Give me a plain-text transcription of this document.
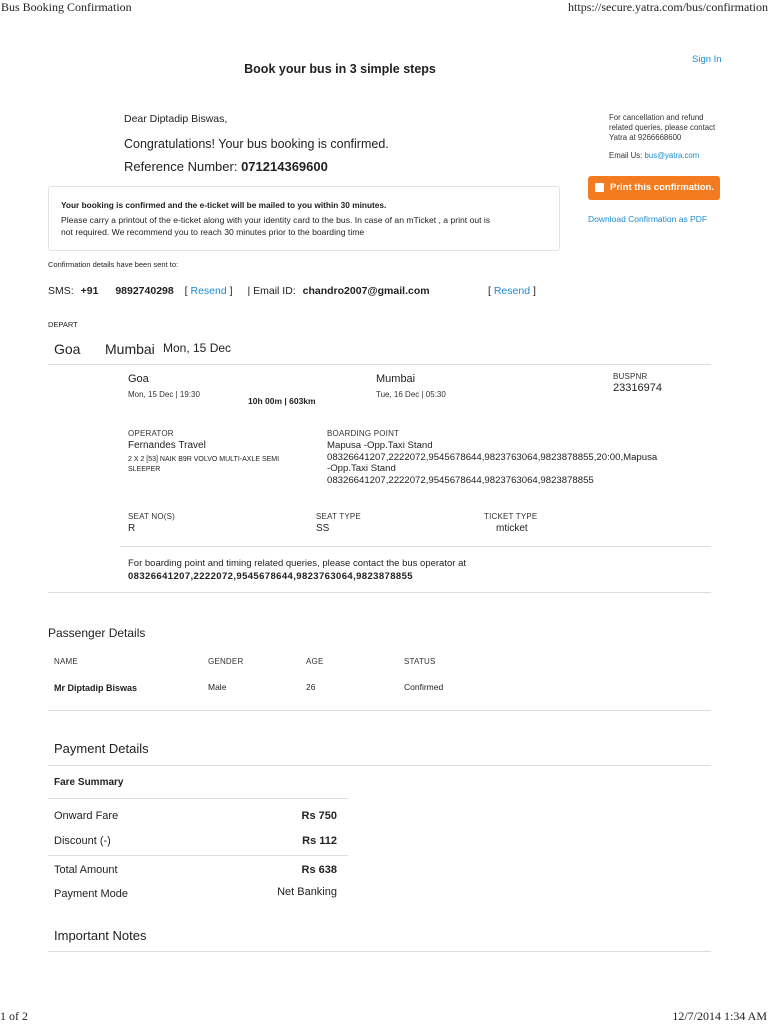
Bus Booking Confirmation	https://secure.yatra.com/bus/confirmation
Book your bus in 3 simple steps
Sign In
Dear Diptadip Biswas,
Congratulations! Your bus booking is confirmed.
Reference Number: 071214369600
For cancellation and refund
related queries, please contact
Yatra at 9266668600
Email Us: bus@yatra.com
Print this confirmation.
Download Confirmation as PDF
Your booking is confirmed and the e-ticket will be mailed to you within 30 minutes.
Please carry a printout of the e-ticket along with your identity card to the bus. In case of an mTicket , a print out is
not required. We recommend you to reach 30 minutes prior to the boarding time
Confirmation details have been sent to:
SMS: +91 9892740298 [ Resend ] | Email ID: chandro2007@gmail.com	[ Resend ]
DEPART
Goa Mumbai Mon, 15 Dec
Goa
Mon, 15 Dec | 19:30
10h 00m | 603km
Mumbai
Tue, 16 Dec | 05:30
BUSPNR
23316974
OPERATOR
Fernandes Travel
2 X 2 [53] NAIK B9R VOLVO MULTI-AXLE SEMI
SLEEPER
BOARDING POINT
Mapusa -Opp.Taxi Stand
08326641207,2222072,9545678644,9823763064,9823878855,20:00,Mapusa
-Opp.Taxi Stand
08326641207,2222072,9545678644,9823763064,9823878855
SEAT NO(S)
R
SEAT TYPE
SS
TICKET TYPE
mticket
For boarding point and timing related queries, please contact the bus operator at
08326641207,2222072,9545678644,9823763064,9823878855
Passenger Details
NAME	GENDER	AGE	STATUS
Mr Diptadip Biswas	Male	26	Confirmed
Payment Details
Fare Summary
Onward Fare	Rs 750
Discount (-)	Rs 112
Total Amount	Rs 638
Payment Mode	Net Banking
Important Notes
1 of 2	12/7/2014 1:34 AM
